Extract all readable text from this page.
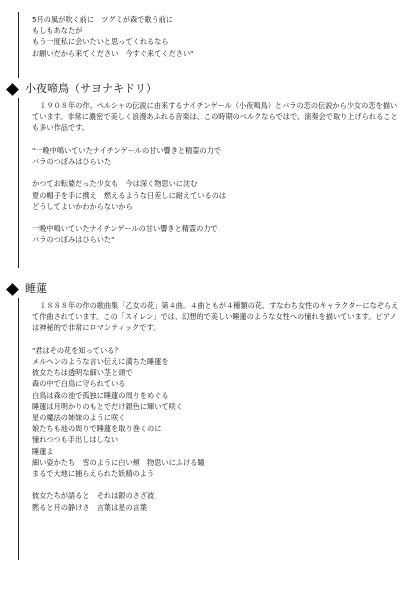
5月の風が吹く前に　ツグミが森で歌う前に
もしもあなたが
もう一度私に会いたいと思ってくれるなら
お願いだから来てください　今すぐ来てください"
小夜啼鳥（サヨナキドリ）
　１９０８年の作。ペルシャの伝説に由来するナイチンゲール（小夜鳴鳥）とバラの恋の伝説から少女の恋を描いています。非常に濃密で美しく浪漫あふれる音楽は、この時期のベルクならではで、演奏会で取り上げられることも多い作品です。
"一晩中鳴いていたナイチンゲールの甘い響きと精霊の力で
バラのつぼみはひらいた
かつてお転婆だった少女も　今は深く物思いに沈む
夏の帽子を手に携え　燃えるような日差しに耐えているのは
どうしてよいかわからないから
一晩中鳴いていたナイチンゲールの甘い響きと精霊の力で
バラのつぼみはひらいた"
睡蓮
　１８８８年の作の歌曲集「乙女の花」第４曲。４曲ともが４種類の花、すなわち女性のキャラクターになぞらえて作曲されています。この「スイレン」では、幻想的で美しい睡蓮のような女性への憧れを描いています。ピアノは神秘的で非常にロマンティックです。
"君はその花を知っている？
メルヘンのような言い伝えに満ちた睡蓮を
彼女たちは透明な細い茎と頭で
森の中で白鳥に守られている
白鳥は森の池で孤独に睡蓮の周りをめぐる
睡蓮は月明かりのもとでだけ銀色に輝いて咲く
星の魔法の姉妹のように咲く
娘たちも池の周りで睡蓮を取り巻くのに
憧れつつも手出しはしない
睡蓮よ
細い姿かたち　雪のように白い頬　物思いにふける瞳
まるで大地に捕らえられた妖精のよう
彼女たちが語ると　それは銀のさざ波
黙ると月の静けさ　言葉は星の言葉
